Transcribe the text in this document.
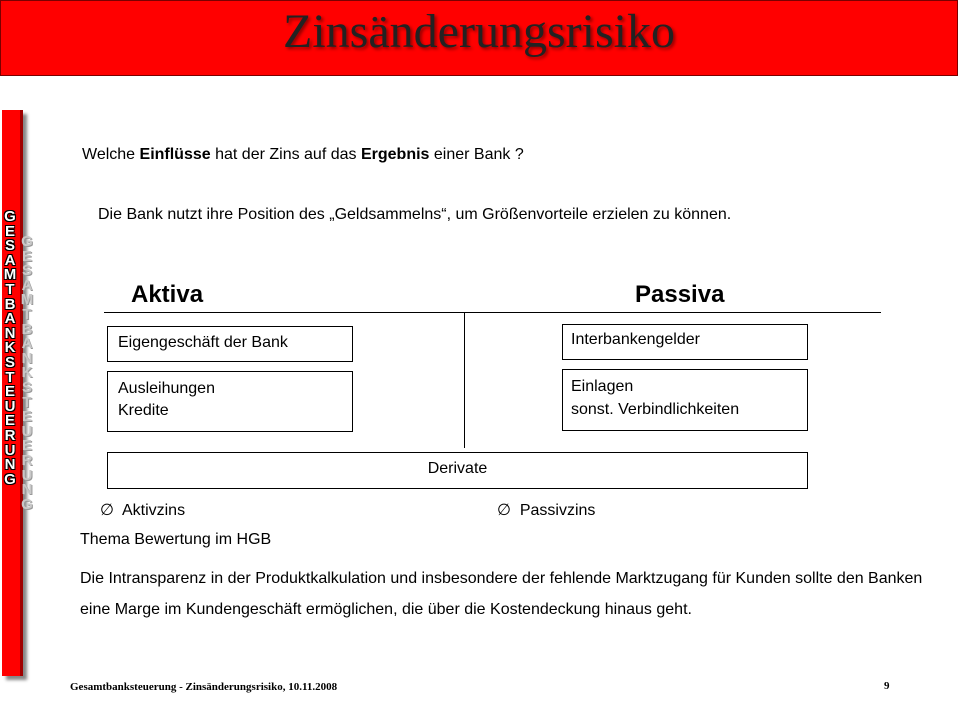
Zinsänderungsrisiko
G
E
S
A
M
T
B
A
N
K
S
T
E
U
E
R
U
N
G
G
E
S
A
M
T
B
A
N
K
S
T
E
U
E
R
U
N
G
Welche Einflüsse hat der Zins auf das Ergebnis einer Bank ?
Die Bank nutzt ihre Position des „Geldsammelns“, um Größenvorteile erzielen zu können.
Aktiva	Passiva
Eigengeschäft der Bank
Ausleihungen
Kredite
Interbankengelder
Einlagen
sonst. Verbindlichkeiten
Derivate
∅ Aktivzins	∅ Passivzins
Thema Bewertung im HGB
Die Intransparenz in der Produktkalkulation und insbesondere der fehlende Marktzugang für Kunden sollte den Banken eine Marge im Kundengeschäft ermöglichen, die über die Kostendeckung hinaus geht.
Gesamtbanksteuerung - Zinsänderungsrisiko, 10.11.2008	9
